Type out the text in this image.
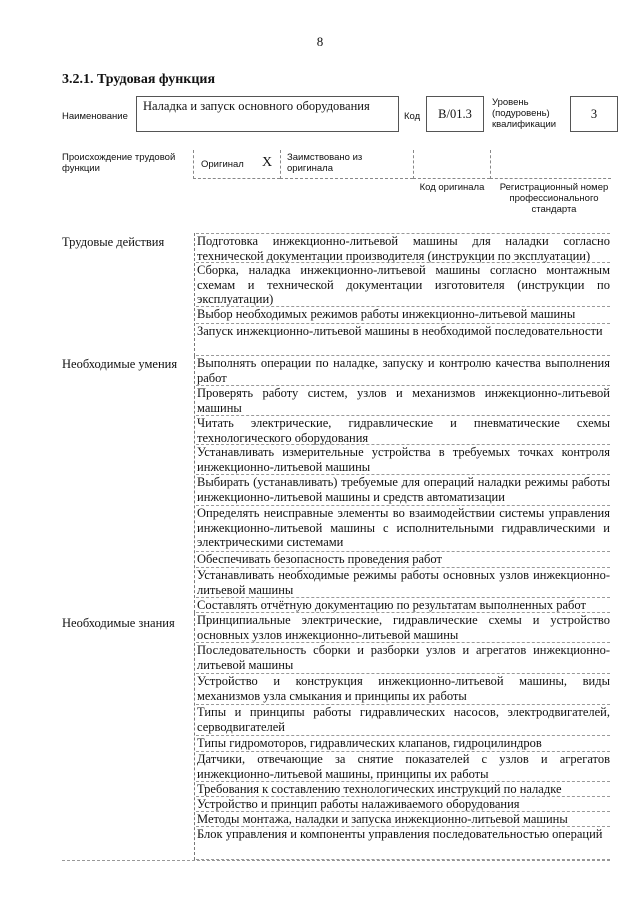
8
3.2.1. Трудовая функция
Наименование
Наладка и запуск основного оборудования
Код	B/01.3
Уровень (подуровень) квалификации
3
Происхождение трудовой функции	Оригинал X Заимствовано из оригинала
Код оригинала	Регистрационный номер профессионального стандарта
Трудовые действия	Подготовка инжекционно-литьевой машины для наладки согласно технической документации производителя (инструкции по эксплуатации)
Сборка, наладка инжекционно-литьевой машины согласно монтажным схемам и технической документации изготовителя (инструкции по эксплуатации)
Выбор необходимых режимов работы инжекционно-литьевой машины
Запуск инжекционно-литьевой машины в необходимой последовательности
Необходимые умения Выполнять операции по наладке, запуску и контролю качества выполнения работ
Проверять работу систем, узлов и механизмов инжекционно-литьевой машины
Читать электрические, гидравлические и пневматические схемы технологического оборудования
Устанавливать измерительные устройства в требуемых точках контроля инжекционно-литьевой машины
Выбирать (устанавливать) требуемые для операций наладки режимы работы инжекционно-литьевой машины и средств автоматизации
Определять неисправные элементы во взаимодействии системы управления инжекционно-литьевой машины с исполнительными гидравлическими и электрическими системами
Обеспечивать безопасность проведения работ
Устанавливать необходимые режимы работы основных узлов инжекционно-литьевой машины
Составлять отчётную документацию по результатам выполненных работ
Необходимые знания Принципиальные электрические, гидравлические схемы и устройство основных узлов инжекционно-литьевой машины
Последовательность сборки и разборки узлов и агрегатов инжекционно-литьевой машины
Устройство и конструкция инжекционно-литьевой машины, виды механизмов узла смыкания и принципы их работы
Типы и принципы работы гидравлических насосов, электродвигателей, серводвигателей
Типы гидромоторов, гидравлических клапанов, гидроцилиндров
Датчики, отвечающие за снятие показателей с узлов и агрегатов инжекционно-литьевой машины, принципы их работы
Требования к составлению технологических инструкций по наладке
Устройство и принцип работы налаживаемого оборудования
Методы монтажа, наладки и запуска инжекционно-литьевой машины
Блок управления и компоненты управления последовательностью операций
